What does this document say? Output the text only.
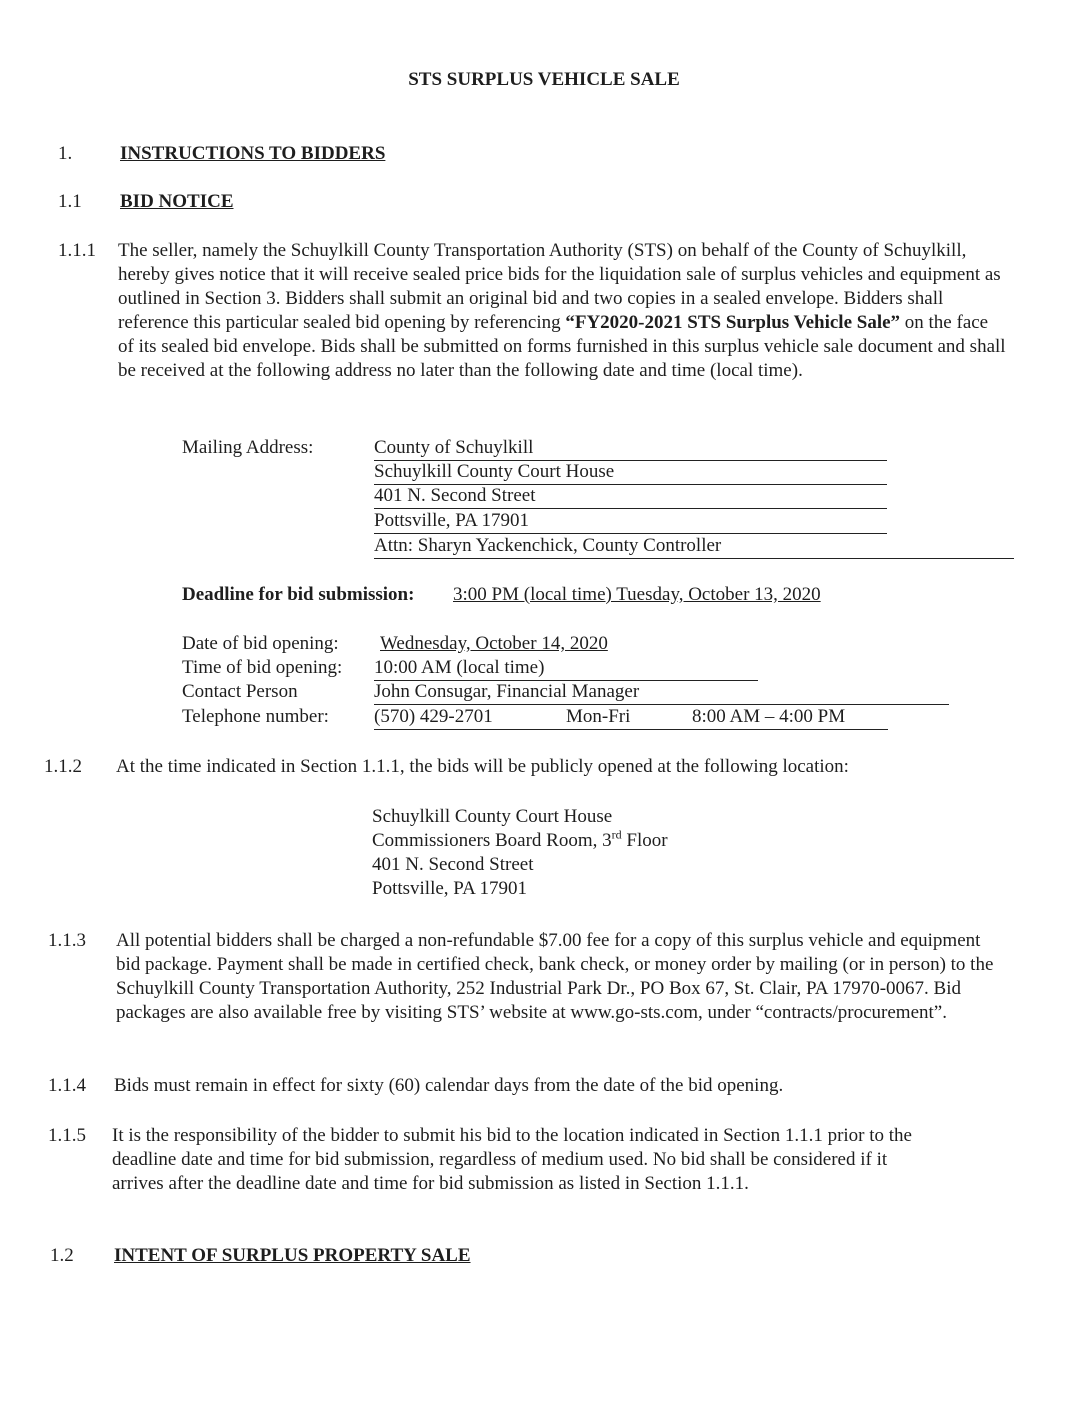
STS SURPLUS VEHICLE SALE
1.	INSTRUCTIONS TO BIDDERS
1.1 BID NOTICE
1.1.1 The seller, namely the Schuylkill County Transportation Authority (STS) on behalf of the County of Schuylkill, hereby gives notice that it will receive sealed price bids for the liquidation sale of surplus vehicles and equipment as outlined in Section 3. Bidders shall submit an original bid and two copies in a sealed envelope. Bidders shall reference this particular sealed bid opening by referencing “FY2020-2021 STS Surplus Vehicle Sale” on the face of its sealed bid envelope. Bids shall be submitted on forms furnished in this surplus vehicle sale document and shall be received at the following address no later than the following date and time (local time).
Mailing Address:	County of Schuylkill
Schuylkill County Court House
401 N. Second Street
Pottsville, PA 17901
Attn: Sharyn Yackenchick, County Controller
Deadline for bid submission: 3:00 PM (local time) Tuesday, October 13, 2020
Date of bid opening: Wednesday, October 14, 2020
Time of bid opening: 10:00 AM (local time)
Contact Person	John Consugar, Financial Manager
Telephone number: (570) 429-2701	Mon-Fri	8:00 AM – 4:00 PM
1.1.2 At the time indicated in Section 1.1.1, the bids will be publicly opened at the following location:
Schuylkill County Court House
Commissioners Board Room, 3rd Floor
401 N. Second Street
Pottsville, PA 17901
1.1.3 All potential bidders shall be charged a non-refundable $7.00 fee for a copy of this surplus vehicle and equipment bid package. Payment shall be made in certified check, bank check, or money order by mailing (or in person) to the Schuylkill County Transportation Authority, 252 Industrial Park Dr., PO Box 67, St. Clair, PA 17970-0067. Bid packages are also available free by visiting STS’ website at www.go-sts.com, under “contracts/procurement”.
1.1.4 Bids must remain in effect for sixty (60) calendar days from the date of the bid opening.
1.1.5 It is the responsibility of the bidder to submit his bid to the location indicated in Section 1.1.1 prior to the deadline date and time for bid submission, regardless of medium used. No bid shall be considered if it arrives after the deadline date and time for bid submission as listed in Section 1.1.1.
1.2 INTENT OF SURPLUS PROPERTY SALE
